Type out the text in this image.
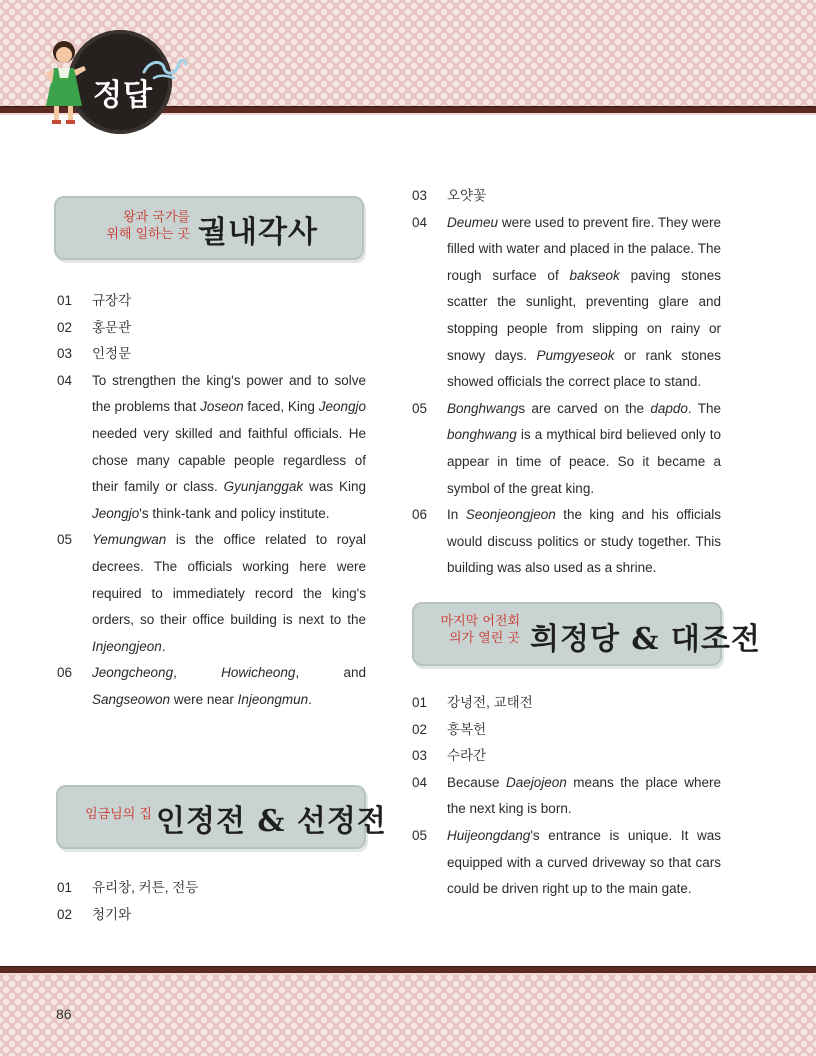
정답
왕과 국가를
위해 일하는 곳 궐내각사
01 규장각
02 홍문관
03 인정문
04 To strengthen the king's power and to solve the problems that Joseon faced, King Jeongjo needed very skilled and faithful officials. He chose many capable people regardless of their family or class. Gyunjanggak was King Jeongjo's think-tank and policy institute.
05 Yemungwan is the office related to royal decrees. The officials working here were required to immediately record the king's orders, so their office building is next to the Injeongjeon.
06 Jeongcheong, Howicheong, and Sangseowon were near Injeongmun.
임금님의 집 인정전 & 선정전
01 유리창, 커튼, 전등
02 청기와
03 오얏꽃
04 Deumeu were used to prevent fire. They were filled with water and placed in the palace. The rough surface of bakseok paving stones scatter the sunlight, preventing glare and stopping people from slipping on rainy or snowy days. Pumgyeseok or rank stones showed officials the correct place to stand.
05 Bonghwangs are carved on the dapdo. The bonghwang is a mythical bird believed only to appear in time of peace. So it became a symbol of the great king.
06 In Seonjeongjeon the king and his officials would discuss politics or study together. This building was also used as a shrine.
마지막 어전회
의가 열린 곳 희정당 & 대조전
01 강녕전, 교태전
02 흥복헌
03 수라간
04 Because Daejojeon means the place where the next king is born.
05 Huijeongdang's entrance is unique. It was equipped with a curved driveway so that cars could be driven right up to the main gate.
86
